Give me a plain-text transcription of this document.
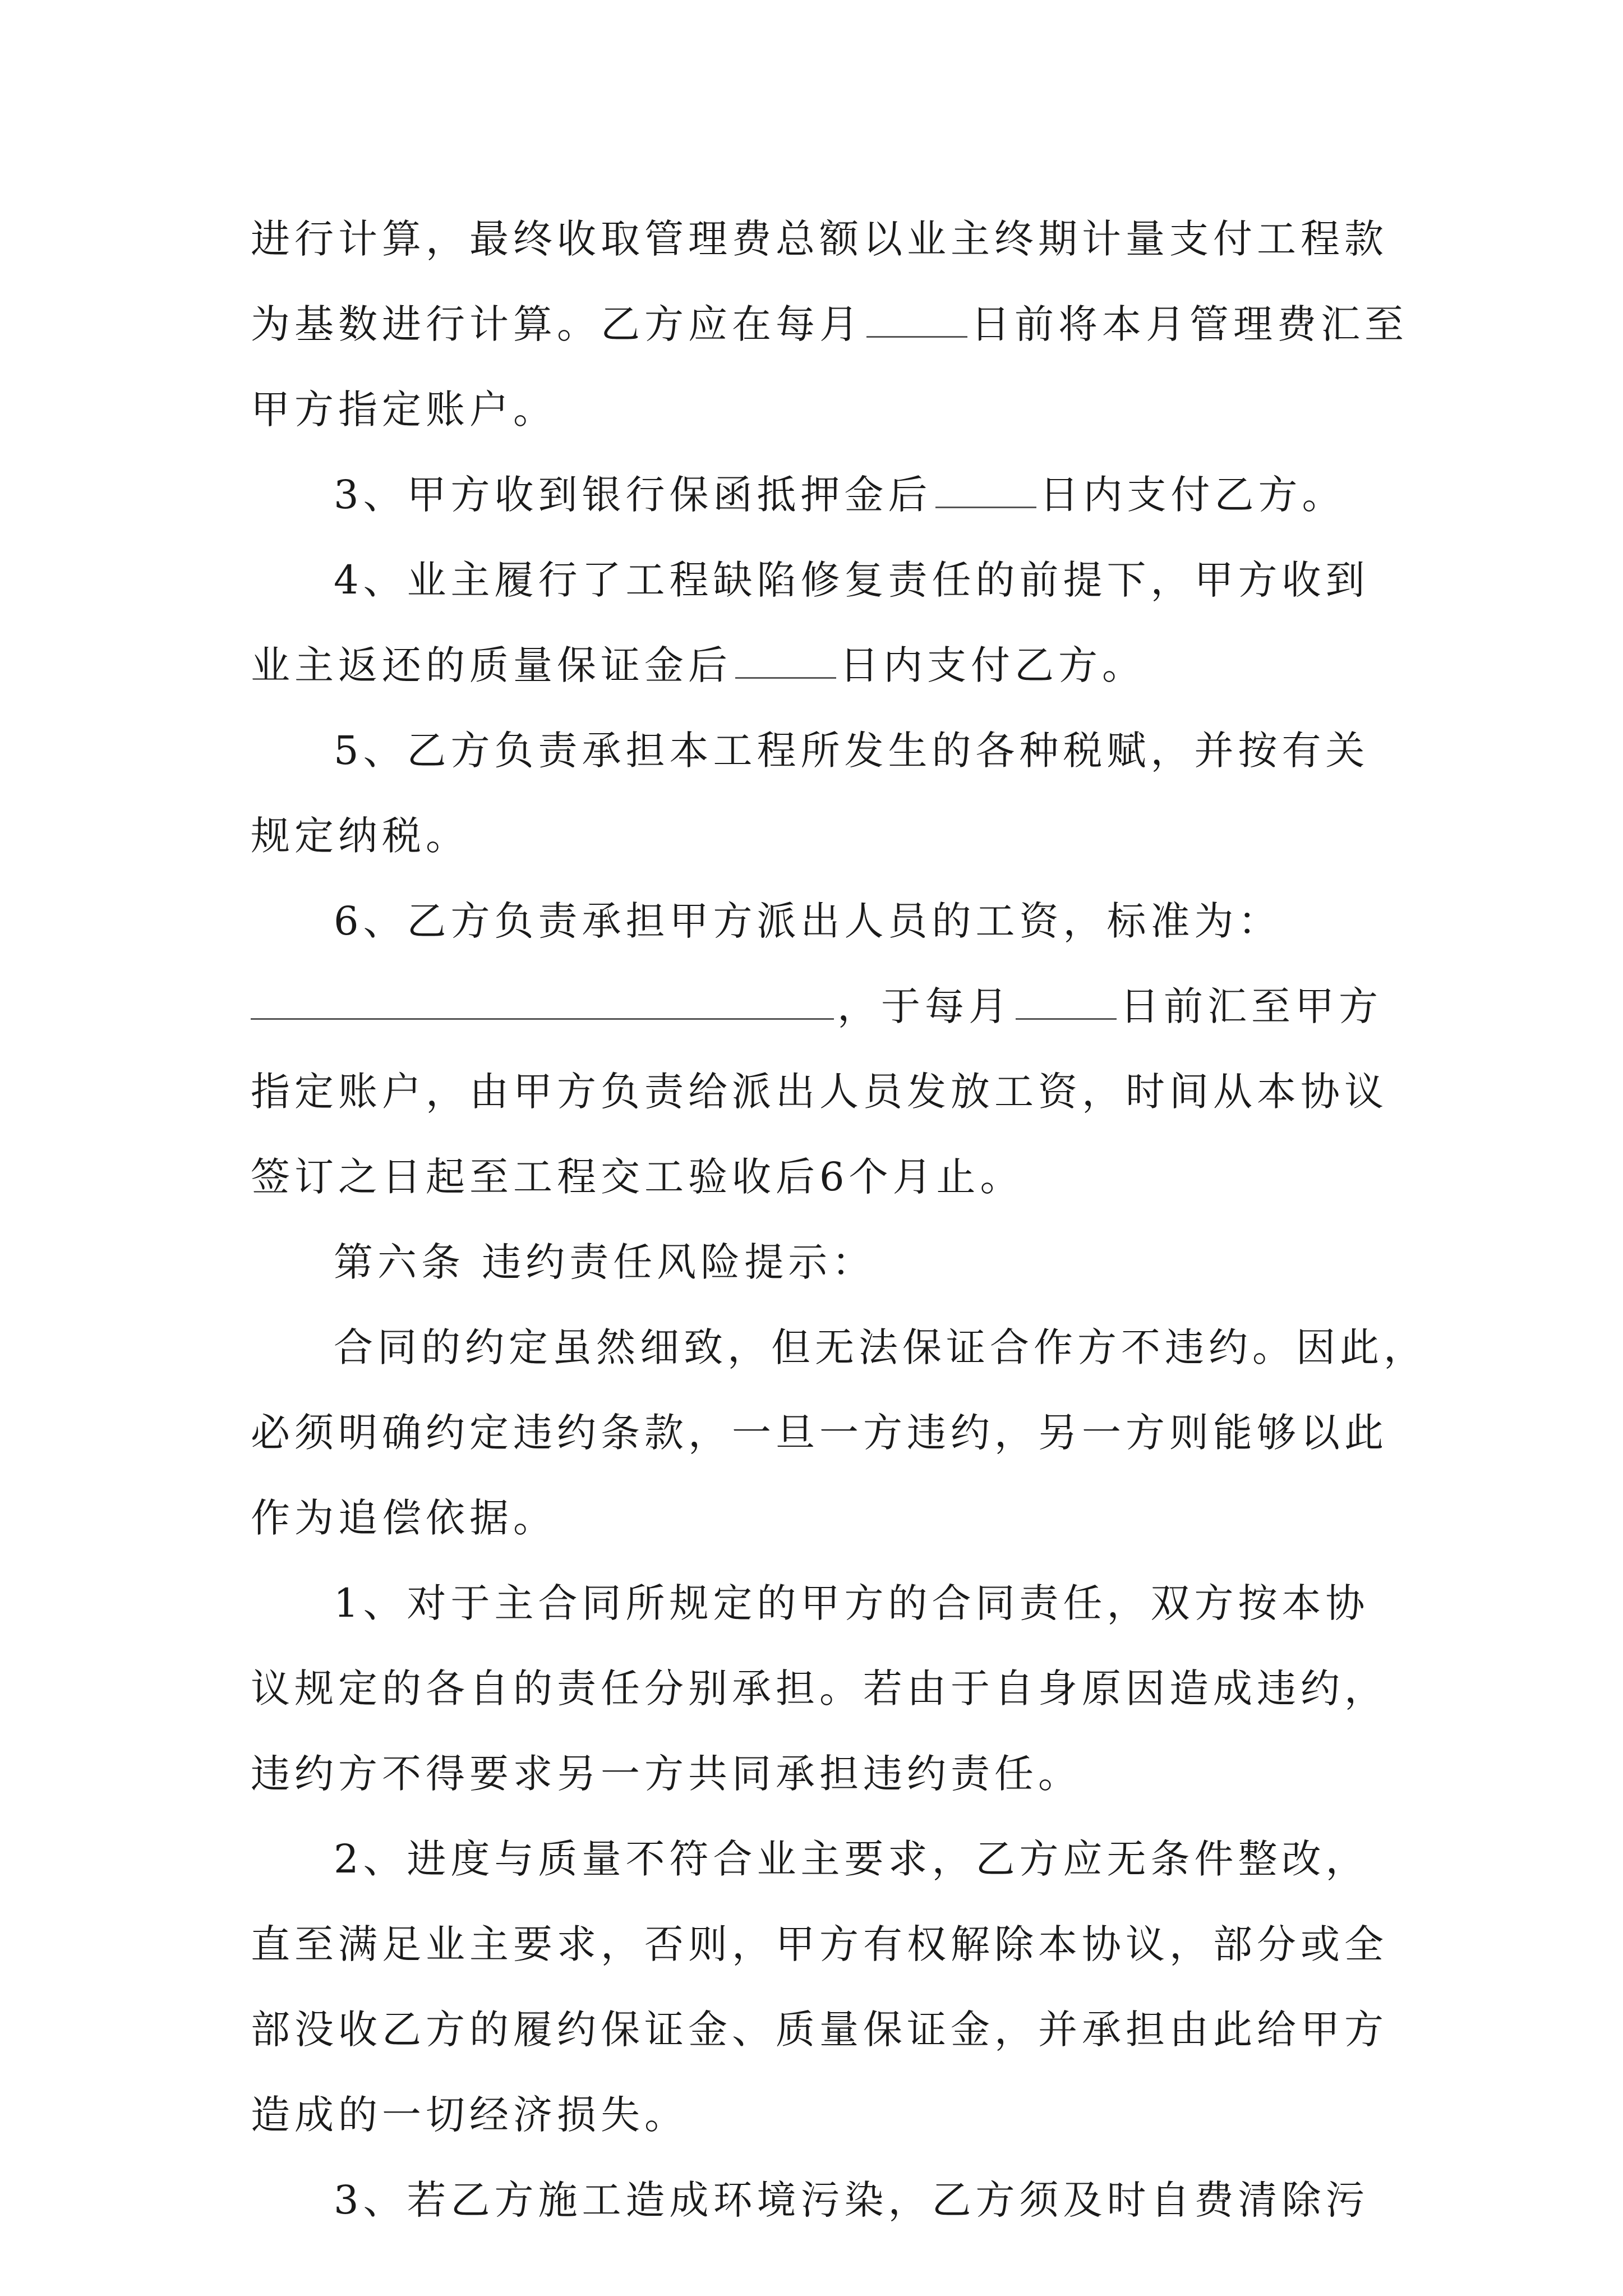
进行计算，最终收取管理费总额以业主终期计量支付工程款
为基数进行计算。乙方应在每月	日前将本月管理费汇至
甲方指定账户。
3、甲方收到银行保函抵押金后	日内支付乙方。
4、业主履行了工程缺陷修复责任的前提下，甲方收到
业主返还的质量保证金后	日内支付乙方。
5、乙方负责承担本工程所发生的各种税赋，并按有关
规定纳税。
6、乙方负责承担甲方派出人员的工资，标准为：
，于每月	日前汇至甲方
指定账户，由甲方负责给派出人员发放工资，时间从本协议
签订之日起至工程交工验收后6个月止。
第六条 违约责任风险提示：
合同的约定虽然细致，但无法保证合作方不违约。因此，
必须明确约定违约条款，一旦一方违约，另一方则能够以此
作为追偿依据。
1、对于主合同所规定的甲方的合同责任，双方按本协
议规定的各自的责任分别承担。若由于自身原因造成违约，
违约方不得要求另一方共同承担违约责任。
2、进度与质量不符合业主要求，乙方应无条件整改，
直至满足业主要求，否则，甲方有权解除本协议，部分或全
部没收乙方的履约保证金、质量保证金，并承担由此给甲方
造成的一切经济损失。
3、若乙方施工造成环境污染，乙方须及时自费清除污
